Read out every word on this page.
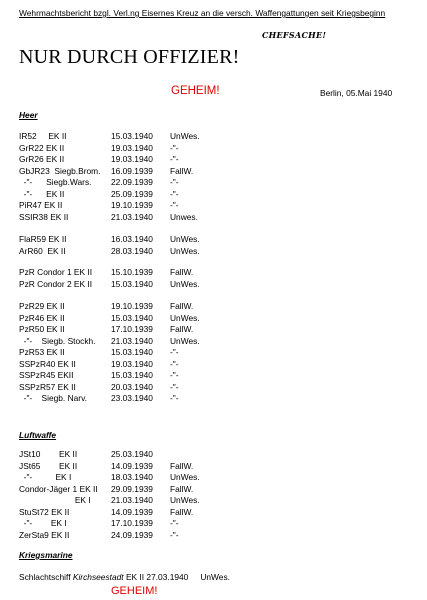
Wehrmachtsbericht bzgl. Verl.ng Eisernes Kreuz an die versch. Waffengattungen seit Kriegsbeginn
CHEFSACHE!
NUR DURCH OFFIZIER!
GEHEIM!	Berlin, 05.Mai 1940
Heer
Luftwaffe
Kriegsmarine
IR52     EK II	15.03.1940 UnWes.
GrR22 EK II	19.03.1940 -"-
GrR26 EK II	19.03.1940 -"-
GbJR23  Siegb.Brom. 16.09.1939 FallW.
-"-      Siegb.Wars. 22.09.1939 -"-
-"-      EK II	25.09.1939 -"-
PiR47 EK II	19.10.1939 -"-
SSIR38 EK II	21.03.1940 Unwes.
FlaR59 EK II	16.03.1940 UnWes.
ArR60  EK II	28.03.1940 UnWes.
PzR Condor 1 EK II 15.10.1939 FallW.
PzR Condor 2 EK II 15.03.1940 UnWes.
PzR29 EK II	19.10.1939 FallW.
PzR46 EK II	15.03.1940 UnWes.
PzR50 EK II	17.10.1939 FallW.
-"-    Siegb. Stockh. 21.03.1940 UnWes.
PzR53 EK II	15.03.1940 -"-
SSPzR40 EK II	19.03.1940 -"-
SSPzR45 EKII	15.03.1940 -"-
SSPzR57 EK II	20.03.1940 -"-
-"-    Siegb. Narv.	23.03.1940 -"-
JSt10        EK II	25.03.1940
JSt65        EK II	14.09.1939 FallW.
-"-          EK I	18.03.1940 UnWes.
Condor-Jäger 1 EK II 29.09.1939 FallW.
EK I 21.03.1940 UnWes.
StuSt72 EK II	14.09.1939 FallW.
-"-        EK I	17.10.1939 -"-
ZerSta9 EK II	24.09.1939 -"-
Schlachtschiff Kirchseestadt EK II 27.03.1940 UnWes.
GEHEIM!
